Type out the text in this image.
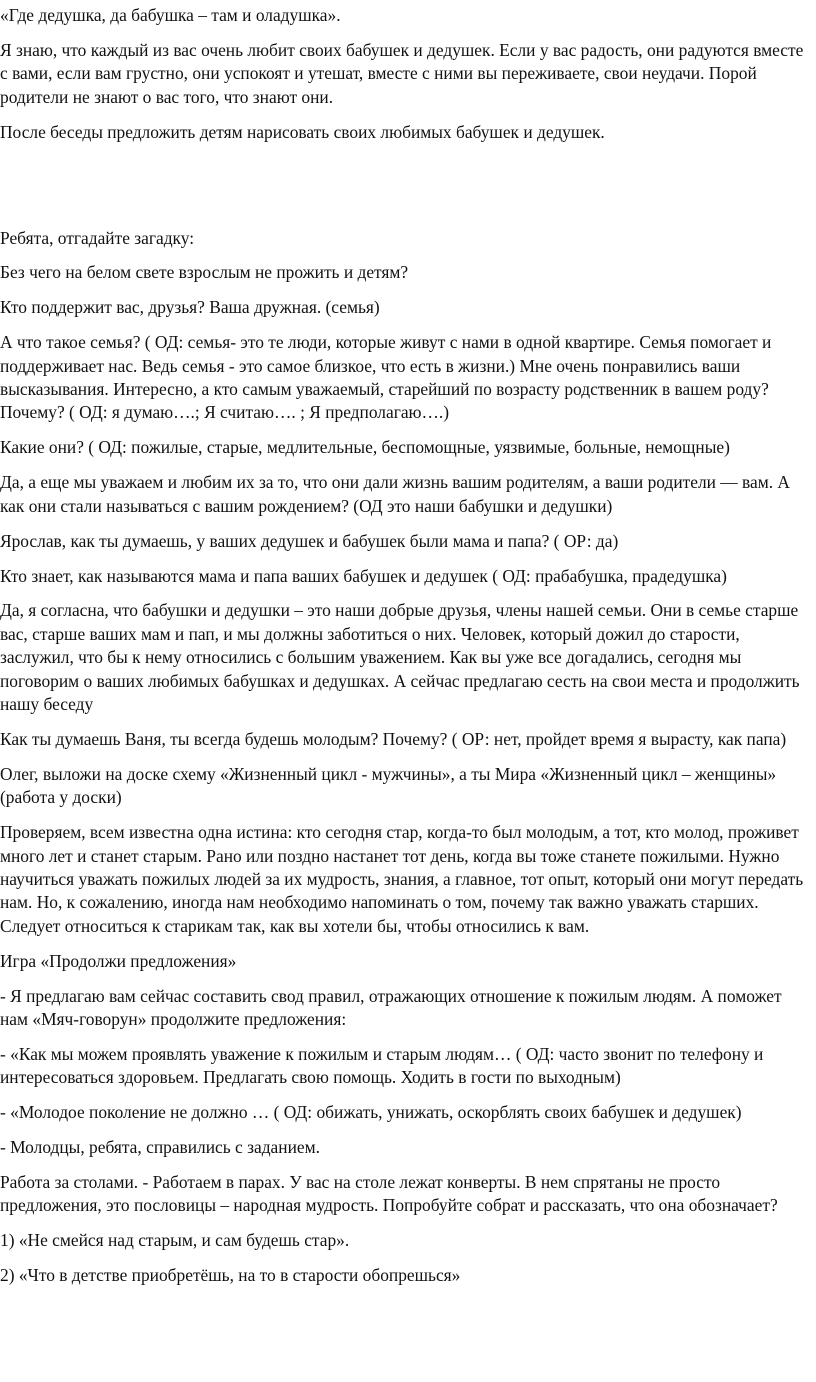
«Где дедушка, да бабушка – там и оладушка».

Я знаю, что каждый из вас очень любит своих бабушек и дедушек. Если у вас радость, они радуются вместе с вами, если вам грустно, они успокоят и утешат, вместе с ними вы переживаете, свои неудачи. Порой родители не знают о вас того, что знают они.

После беседы предложить детям нарисовать своих любимых бабушек и дедушек.

Ребята, отгадайте загадку:

Без чего на белом свете взрослым не прожить и детям?

Кто поддержит вас, друзья? Ваша дружная. (семья)

А что такое семья? ( ОД: семья- это те люди, которые живут с нами в одной квартире. Семья помогает и поддерживает нас. Ведь семья - это самое близкое, что есть в жизни.) Мне очень понравились ваши высказывания. Интересно, а кто самым уважаемый, старейший по возрасту родственник в вашем роду? Почему? ( ОД: я думаю….; Я считаю…. ; Я предполагаю….)

Какие они? ( ОД: пожилые, старые, медлительные, беспомощные, уязвимые, больные, немощные)

Да, а еще мы уважаем и любим их за то, что они дали жизнь вашим родителям, а ваши родители — вам. А как они стали называться с вашим рождением? (ОД это наши бабушки и дедушки)

Ярослав, как ты думаешь, у ваших дедушек и бабушек были мама и папа? ( ОР: да)

Кто знает, как называются мама и папа ваших бабушек и дедушек ( ОД: прабабушка, прадедушка)

Да, я согласна, что бабушки и дедушки – это наши добрые друзья, члены нашей семьи. Они в семье старше вас, старше ваших мам и пап, и мы должны заботиться о них. Человек, который дожил до старости, заслужил, что бы к нему относились с большим уважением. Как вы уже все догадались, сегодня мы поговорим о ваших любимых бабушках и дедушках. А сейчас предлагаю сесть на свои места и продолжить нашу беседу

Как ты думаешь Ваня, ты всегда будешь молодым? Почему? ( ОР: нет, пройдет время я вырасту, как папа)

Олег, выложи на доске схему «Жизненный цикл - мужчины», а ты Мира «Жизненный цикл – женщины» (работа у доски)

Проверяем, всем известна одна истина: кто сегодня стар, когда-то был молодым, а тот, кто молод, проживет много лет и станет старым. Рано или поздно настанет тот день, когда вы тоже станете пожилыми. Нужно научиться уважать пожилых людей за их мудрость, знания, а главное, тот опыт, который они могут передать нам. Но, к сожалению, иногда нам необходимо напоминать о том, почему так важно уважать старших. Следует относиться к старикам так, как вы хотели бы, чтобы относились к вам.

Игра «Продолжи предложения»

- Я предлагаю вам сейчас составить свод правил, отражающих отношение к пожилым людям. А поможет нам «Мяч-говорун» продолжите предложения:

- «Как мы можем проявлять уважение к пожилым и старым людям… ( ОД: часто звонит по телефону и интересоваться здоровьем. Предлагать свою помощь. Ходить в гости по выходным)

- «Молодое поколение не должно … ( ОД: обижать, унижать, оскорблять своих бабушек и дедушек)

- Молодцы, ребята, справились с заданием.

Работа за столами. - Работаем в парах. У вас на столе лежат конверты. В нем спрятаны не просто предложения, это пословицы – народная мудрость. Попробуйте собрат и рассказать, что она обозначает?

1) «Не смейся над старым, и сам будешь стар».

2) «Что в детстве приобретёшь, на то в старости обопрешься»
